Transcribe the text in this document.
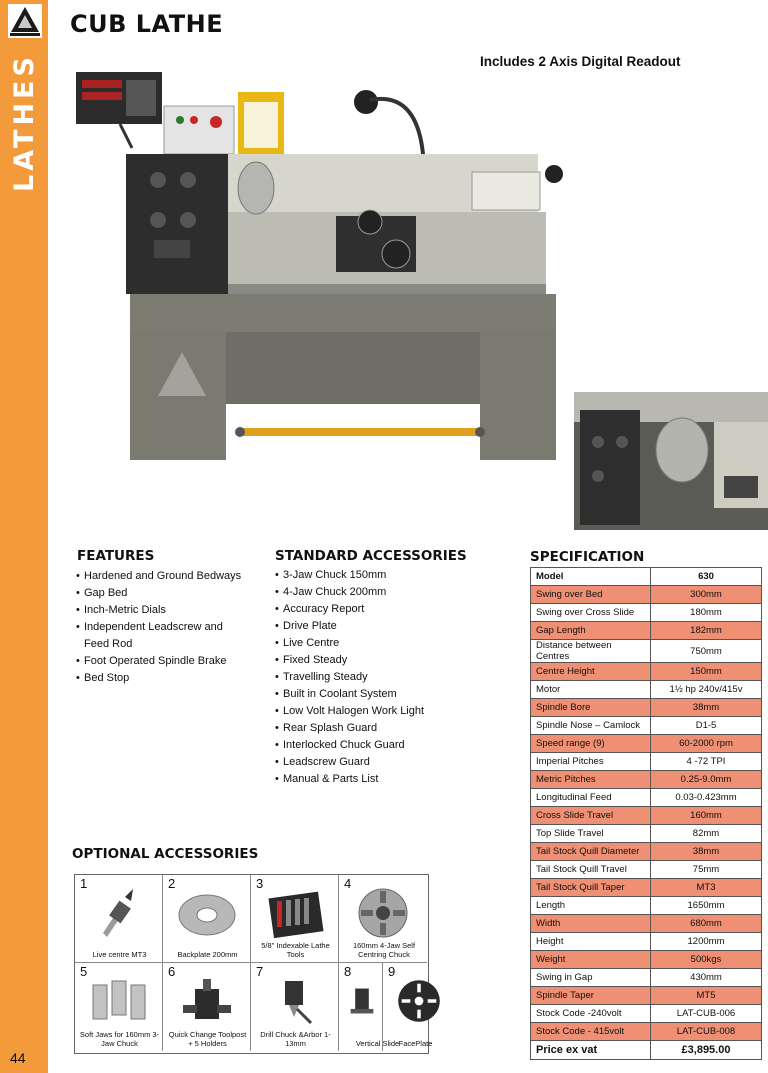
LATHES
44
CUB LATHE
Includes 2 Axis Digital Readout
FEATURES
• Hardened and Ground Bedways
• Gap Bed
• Inch-Metric Dials
• Independent Leadscrew and Feed Rod
• Foot Operated Spindle Brake
• Bed Stop
STANDARD ACCESSORIES
• 3-Jaw Chuck 150mm
• 4-Jaw Chuck 200mm
• Accuracy Report
• Drive Plate
• Live Centre
• Fixed Steady
• Travelling Steady
• Built in Coolant System
• Low Volt Halogen Work Light
• Rear Splash Guard
• Interlocked Chuck Guard
• Leadscrew Guard
• Manual & Parts List
SPECIFICATION
Model	630
Swing over Bed	300mm
Swing over Cross Slide	180mm
Gap Length	182mm
Distance between Centres	750mm
Centre Height	150mm
Motor	1½ hp 240v/415v
Spindle Bore	38mm
Spindle Nose – Camlock	D1-5
Speed range (9)	60-2000 rpm
Imperial Pitches	4 -72 TPI
Metric Pitches	0.25-9.0mm
Longitudinal Feed	0.03-0.423mm
Cross Slide Travel	160mm
Top Slide Travel	82mm
Tail Stock Quill Diameter	38mm
Tail Stock Quill Travel	75mm
Tail Stock Quill Taper	MT3
Length	1650mm
Width	680mm
Height	1200mm
Weight	500kgs
Swing in Gap	430mm
Spindle Taper	MT5
Stock Code -240volt	LAT-CUB-006
Stock Code - 415volt	LAT-CUB-008
Price ex vat	£3,895.00
OPTIONAL ACCESSORIES
1
Live centre MT3
2
Backplate 200mm
3
5/8" Indexable Lathe Tools
4
160mm 4-Jaw Self Centring Chuck
5
Soft Jaws for 160mm 3-Jaw Chuck
6
Quick Change Toolpost + 5 Holders
7
Drill Chuck &Arbor 1-13mm
8
Vertical Slide
9
FacePlate
